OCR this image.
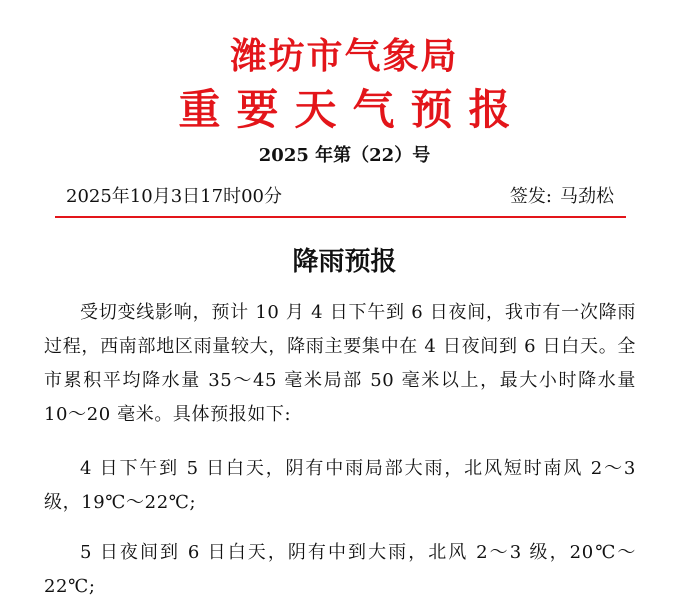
潍坊市气象局
重要天气预报
2025 年第（22）号
2025年10月3日17时00分	签发: 马劲松
降雨预报

受切变线影响，预计 10 月 4 日下午到 6 日夜间，我市有一次降雨过程，西南部地区雨量较大，降雨主要集中在 4 日夜间到 6 日白天。全市累积平均降水量 35～45 毫米局部 50 毫米以上，最大小时降水量 10～20 毫米。具体预报如下:

4 日下午到 5 日白天，阴有中雨局部大雨，北风短时南风 2～3 级，19℃～22℃;

5 日夜间到 6 日白天，阴有中到大雨，北风 2～3 级，20℃～22℃;
